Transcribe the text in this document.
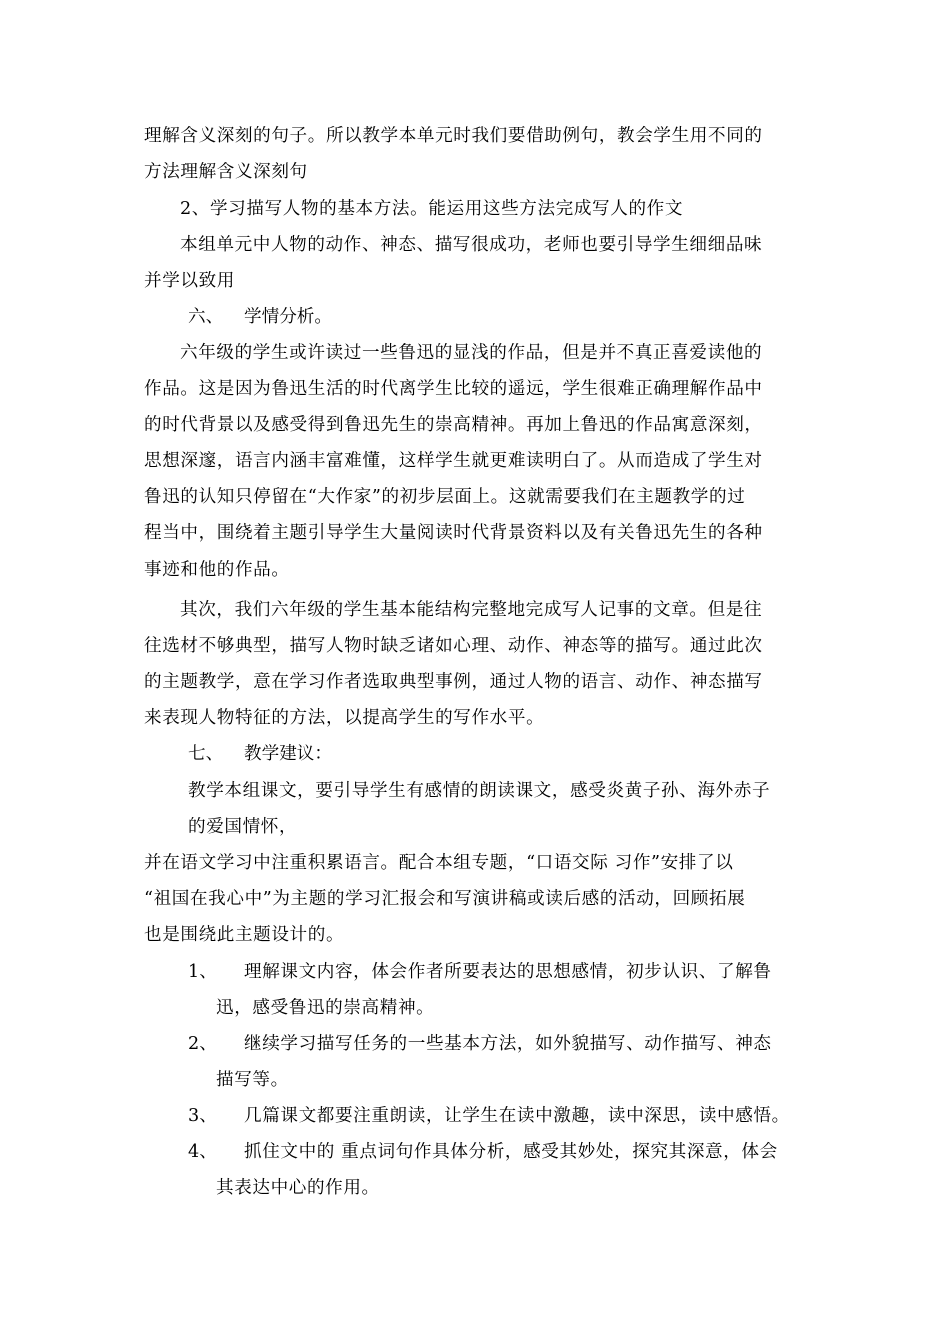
理解含义深刻的句子。所以教学本单元时我们要借助例句，教会学生用不同的
方法理解含义深刻句
2、学习描写人物的基本方法。能运用这些方法完成写人的作文
本组单元中人物的动作、神态、描写很成功，老师也要引导学生细细品味
并学以致用
六、 学情分析。
六年级的学生或许读过一些鲁迅的显浅的作品，但是并不真正喜爱读他的
作品。这是因为鲁迅生活的时代离学生比较的遥远，学生很难正确理解作品中
的时代背景以及感受得到鲁迅先生的崇高精神。再加上鲁迅的作品寓意深刻，
思想深邃，语言内涵丰富难懂，这样学生就更难读明白了。从而造成了学生对
鲁迅的认知只停留在“大作家”的初步层面上。这就需要我们在主题教学的过
程当中，围绕着主题引导学生大量阅读时代背景资料以及有关鲁迅先生的各种
事迹和他的作品。
其次，我们六年级的学生基本能结构完整地完成写人记事的文章。但是往
往选材不够典型，描写人物时缺乏诸如心理、动作、神态等的描写。通过此次
的主题教学，意在学习作者选取典型事例，通过人物的语言、动作、神态描写
来表现人物特征的方法，以提高学生的写作水平。
七、 教学建议：
教学本组课文，要引导学生有感情的朗读课文，感受炎黄子孙、海外赤子
的爱国情怀，
并在语文学习中注重积累语言。配合本组专题，“口语交际 习作”安排了以
“祖国在我心中”为主题的学习汇报会和写演讲稿或读后感的活动，回顾拓展
也是围绕此主题设计的。
1、 理解课文内容，体会作者所要表达的思想感情，初步认识、了解鲁
迅，感受鲁迅的崇高精神。
2、 继续学习描写任务的一些基本方法，如外貌描写、动作描写、神态
描写等。
3、 几篇课文都要注重朗读，让学生在读中激趣，读中深思，读中感悟。
4、 抓住文中的 重点词句作具体分析，感受其妙处，探究其深意，体会
其表达中心的作用。
